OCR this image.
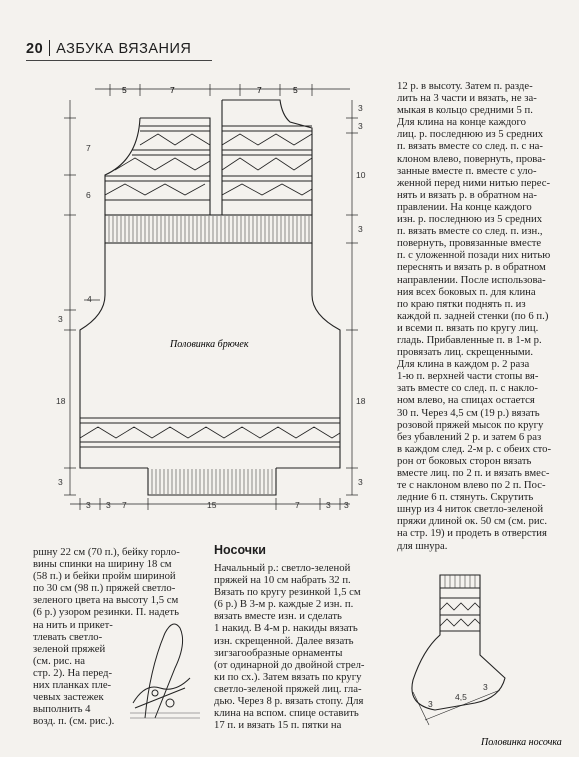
20 АЗБУКА ВЯЗАНИЯ
Половинка брючек
5	7	7	5
3 3 7	15	7	3 3
7
6
4
3
18
3
3
3
10
3
18
3
12 р. в высоту. Затем п. разде-
лить на 3 части и вязать, не за-
мыкая в кольцо средними 5 п.
Для клина на конце каждого
лиц. р. последнюю из 5 средних
п. вязать вместе со след. п. с на-
клоном влево, повернуть, прова-
занные вместе п. вместе с уло-
женной перед ними нитью перес-
нять и вязать р. в обратном на-
правлении. На конце каждого
изн. р. последнюю из 5 средних
п. вязать вместе со след. п. изн.,
повернуть, провязанные вместе
п. с уложенной позади них нитью
переснять и вязать р. в обратном
направлении. После использова-
ния всех боковых п. для клина
по краю пятки поднять п. из
каждой п. задней стенки (по 6 п.)
и всеми п. вязать по кругу лиц.
гладь. Прибавленные п. в 1-м р.
провязать лиц. скрещенными.
Для клина в каждом р. 2 раза
1-ю п. верхней части стопы вя-
зать вместе со след. п. с накло-
ном влево, на спицах остается
30 п. Через 4,5 см (19 р.) вязать
розовой пряжей мысок по кругу
без убавлений 2 р. и затем 6 раз
в каждом след. 2-м р. с обеих сто-
рон от боковых сторон вязать
вместе лиц. по 2 п. и вязать вмес-
те с наклоном влево по 2 п. Пос-
ледние 6 п. стянуть. Скрутить
шнур из 4 ниток светло-зеленой
пряжи длиной ок. 50 см (см. рис.
на стр. 19) и продеть в отверстия
для шнура.
ршну 22 см (70 п.), бейку горло-
вины спинки на ширину 18 см
(58 п.) и бейки пройм шириной
по 30 см (98 п.) пряжей светло-
зеленого цвета на высоту 1,5 см
(6 р.) узором резинки. П. надеть
на нить и прикет-
тлевать светло-
зеленой пряжей
(см. рис. на
стр. 2). На перед-
них планках пле-
чевых застежек
выполнить 4
возд. п. (см. рис.).
Носочки
Начальный р.: светло-зеленой
пряжей на 10 см набрать 32 п.
Вязать по кругу резинкой 1,5 см
(6 р.) В 3-м р. каждые 2 изн. п.
вязать вместе изн. и сделать
1 накид. В 4-м р. накиды вязать
изн. скрещенной. Далее вязать
зигзагообразные орнаменты
(от одинарной до двойной стрел-
ки по сх.). Затем вязать по кругу
светло-зеленой пряжей лиц. гла-
дью. Через 8 р. вязать стопу. Для
клина на вспом. спице оставить
17 п. и вязать 15 п. пятки на
3
4,5
3
Половинка носочка
